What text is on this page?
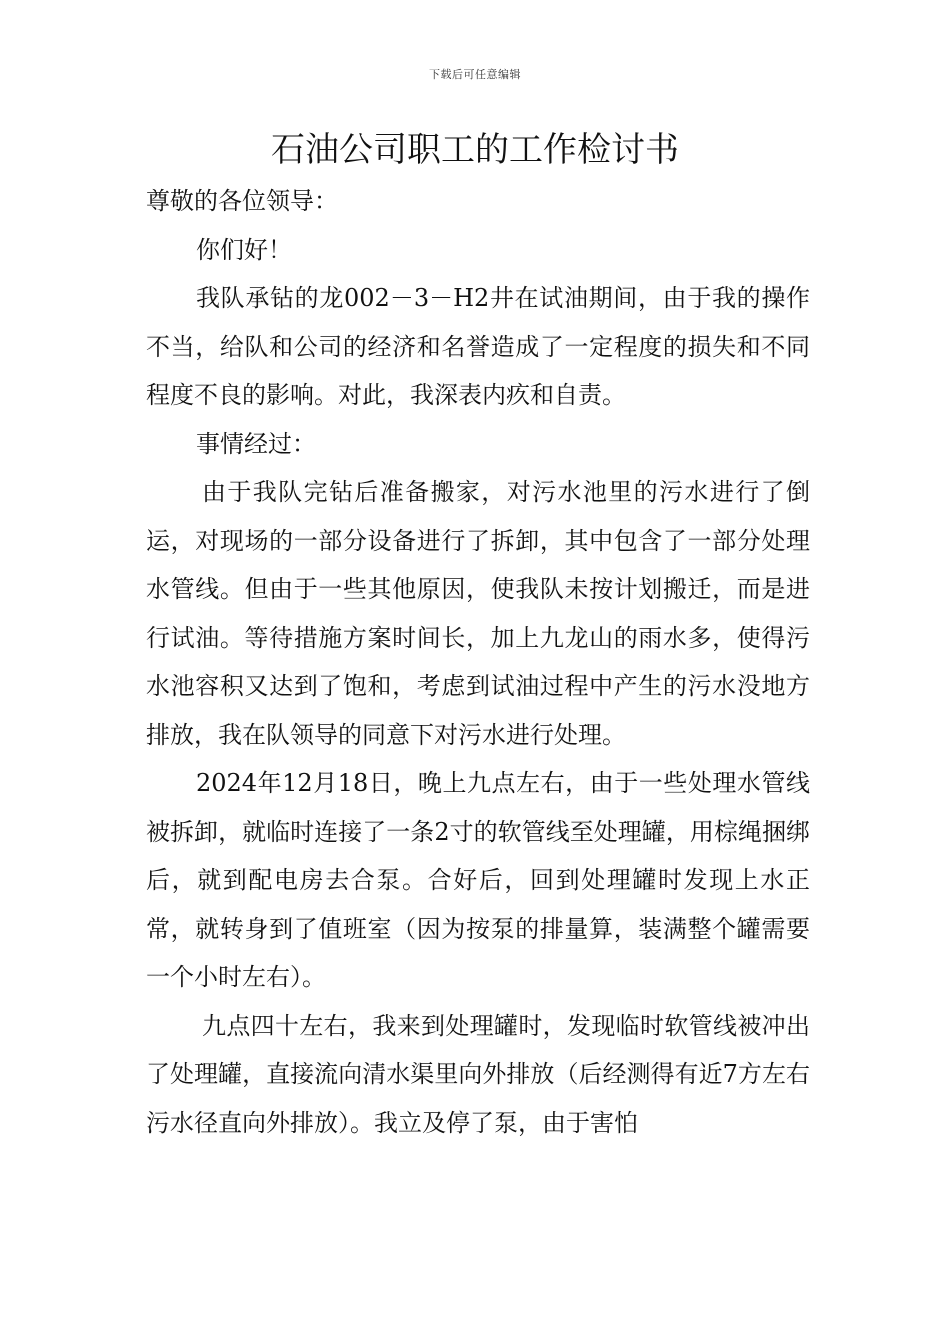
下载后可任意编辑
石油公司职工的工作检讨书

尊敬的各位领导：

你们好！

我队承钻的龙002－3－H2井在试油期间，由于我的操作不当，给队和公司的经济和名誉造成了一定程度的损失和不同程度不良的影响。对此，我深表内疚和自责。

事情经过：

由于我队完钻后准备搬家，对污水池里的污水进行了倒运，对现场的一部分设备进行了拆卸，其中包含了一部分处理水管线。但由于一些其他原因，使我队未按计划搬迁，而是进行试油。等待措施方案时间长，加上九龙山的雨水多，使得污水池容积又达到了饱和，考虑到试油过程中产生的污水没地方排放，我在队领导的同意下对污水进行处理。

2024年12月18日，晚上九点左右，由于一些处理水管线被拆卸，就临时连接了一条2寸的软管线至处理罐，用棕绳捆绑后，就到配电房去合泵。合好后，回到处理罐时发现上水正常，就转身到了值班室（因为按泵的排量算，装满整个罐需要一个小时左右）。

九点四十左右，我来到处理罐时，发现临时软管线被冲出了处理罐，直接流向清水渠里向外排放（后经测得有近7方左右污水径直向外排放）。我立及停了泵，由于害怕
